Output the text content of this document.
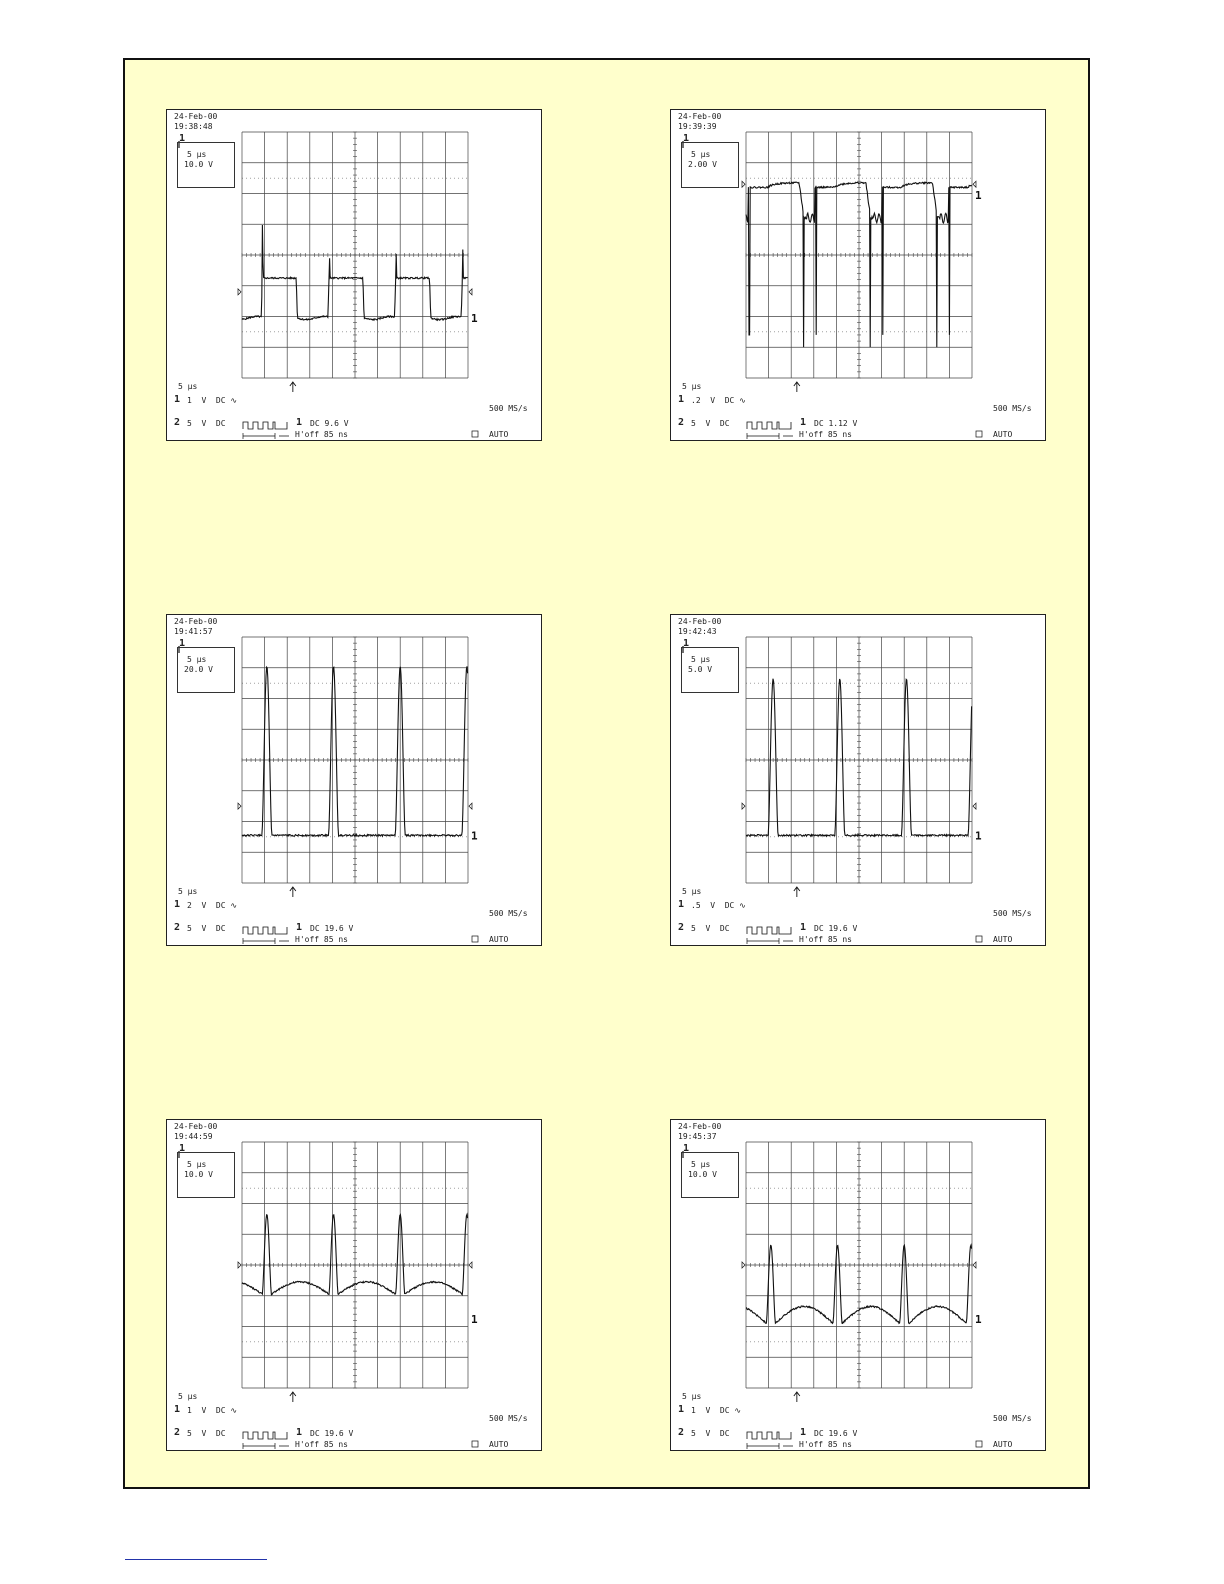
1
24-Feb-00
19:38:48
1
5 µs
10.0 V
5 µs
1 1  V  DC ∿
500 MS/s
2 5  V  DC	1 DC 9.6 V
H'off 85 ns	AUTO
1
24-Feb-00
19:39:39
1
5 µs
2.00 V
5 µs
1 .2  V  DC ∿
500 MS/s
2 5  V  DC	1 DC 1.12 V
H'off 85 ns	AUTO
1
24-Feb-00
19:41:57
1
5 µs
20.0 V
5 µs
1 2  V  DC ∿
500 MS/s
2 5  V  DC	1 DC 19.6 V
H'off 85 ns	AUTO
1
24-Feb-00
19:42:43
1
5 µs
5.0 V
5 µs
1 .5  V  DC ∿
500 MS/s
2 5  V  DC	1 DC 19.6 V
H'off 85 ns	AUTO
1
24-Feb-00
19:44:59
1
5 µs
10.0 V
5 µs
1 1  V  DC ∿
500 MS/s
2 5  V  DC	1 DC 19.6 V
H'off 85 ns	AUTO
1
24-Feb-00
19:45:37
1
5 µs
10.0 V
5 µs
1 1  V  DC ∿
500 MS/s
2 5  V  DC	1 DC 19.6 V
H'off 85 ns	AUTO
